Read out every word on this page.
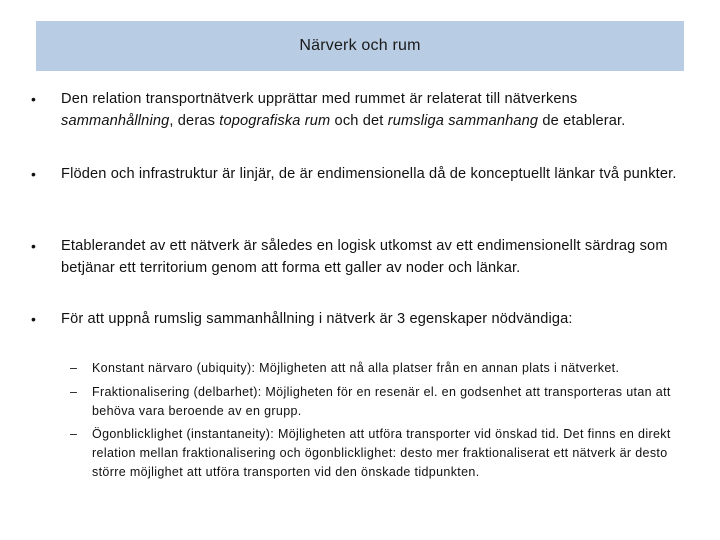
Närverk och rum
• Den relation transportnätverk upprättar med rummet är relaterat till nätverkens
sammanhållning, deras topografiska rum och det rumsliga sammanhang de etablerar.
• Flöden och infrastruktur är linjär, de är endimensionella då de konceptuellt länkar två punkter.
• Etablerandet av ett nätverk är således en logisk utkomst av ett endimensionellt särdrag som betjänar ett territorium genom att forma ett galler av noder och länkar.
• För att uppnå rumslig sammanhållning i nätverk är 3 egenskaper nödvändiga:
– Konstant närvaro (ubiquity): Möjligheten att nå alla platser från en annan plats i nätverket.
– Fraktionalisering (delbarhet): Möjligheten för en resenär el. en godsenhet att transporteras utan att behöva vara beroende av en grupp.
– Ögonblicklighet (instantaneity): Möjligheten att utföra transporter vid önskad tid. Det finns en direkt relation mellan fraktionalisering och ögonblicklighet: desto mer fraktionaliserat ett nätverk är desto större möjlighet att utföra transporten vid den önskade tidpunkten.
